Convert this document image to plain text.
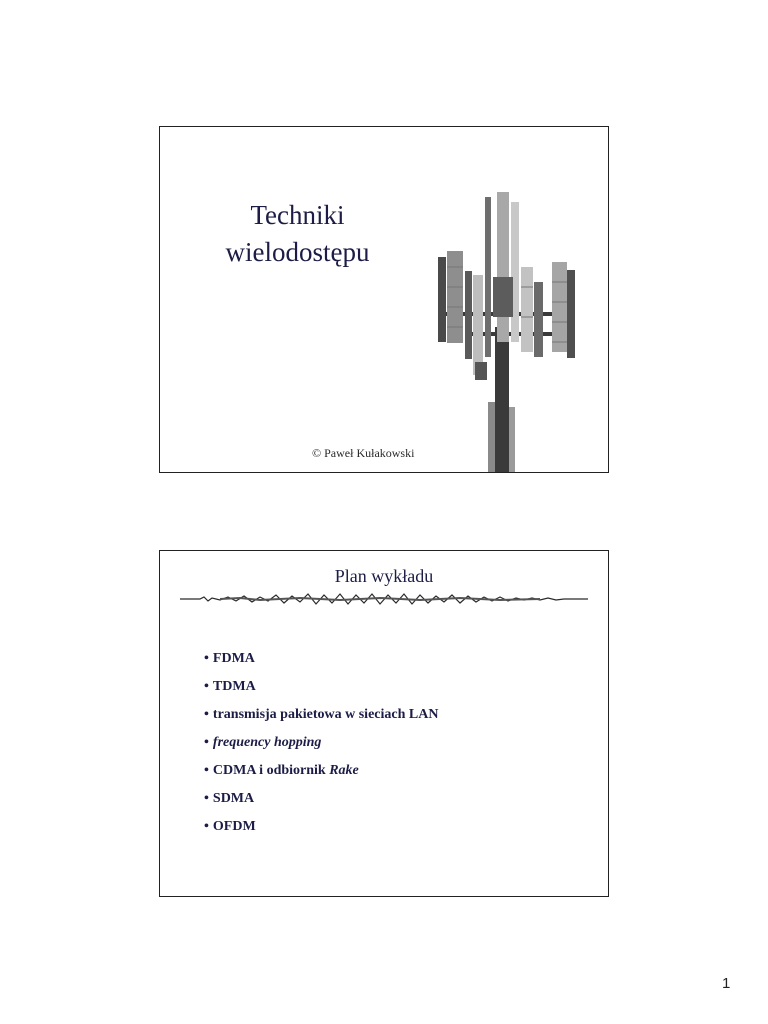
Techniki
wielodostępu
© Paweł Kułakowski
Plan wykładu
• FDMA
• TDMA
• transmisja pakietowa w sieciach LAN
• frequency hopping
• CDMA i odbiornik Rake
• SDMA
• OFDM
1
